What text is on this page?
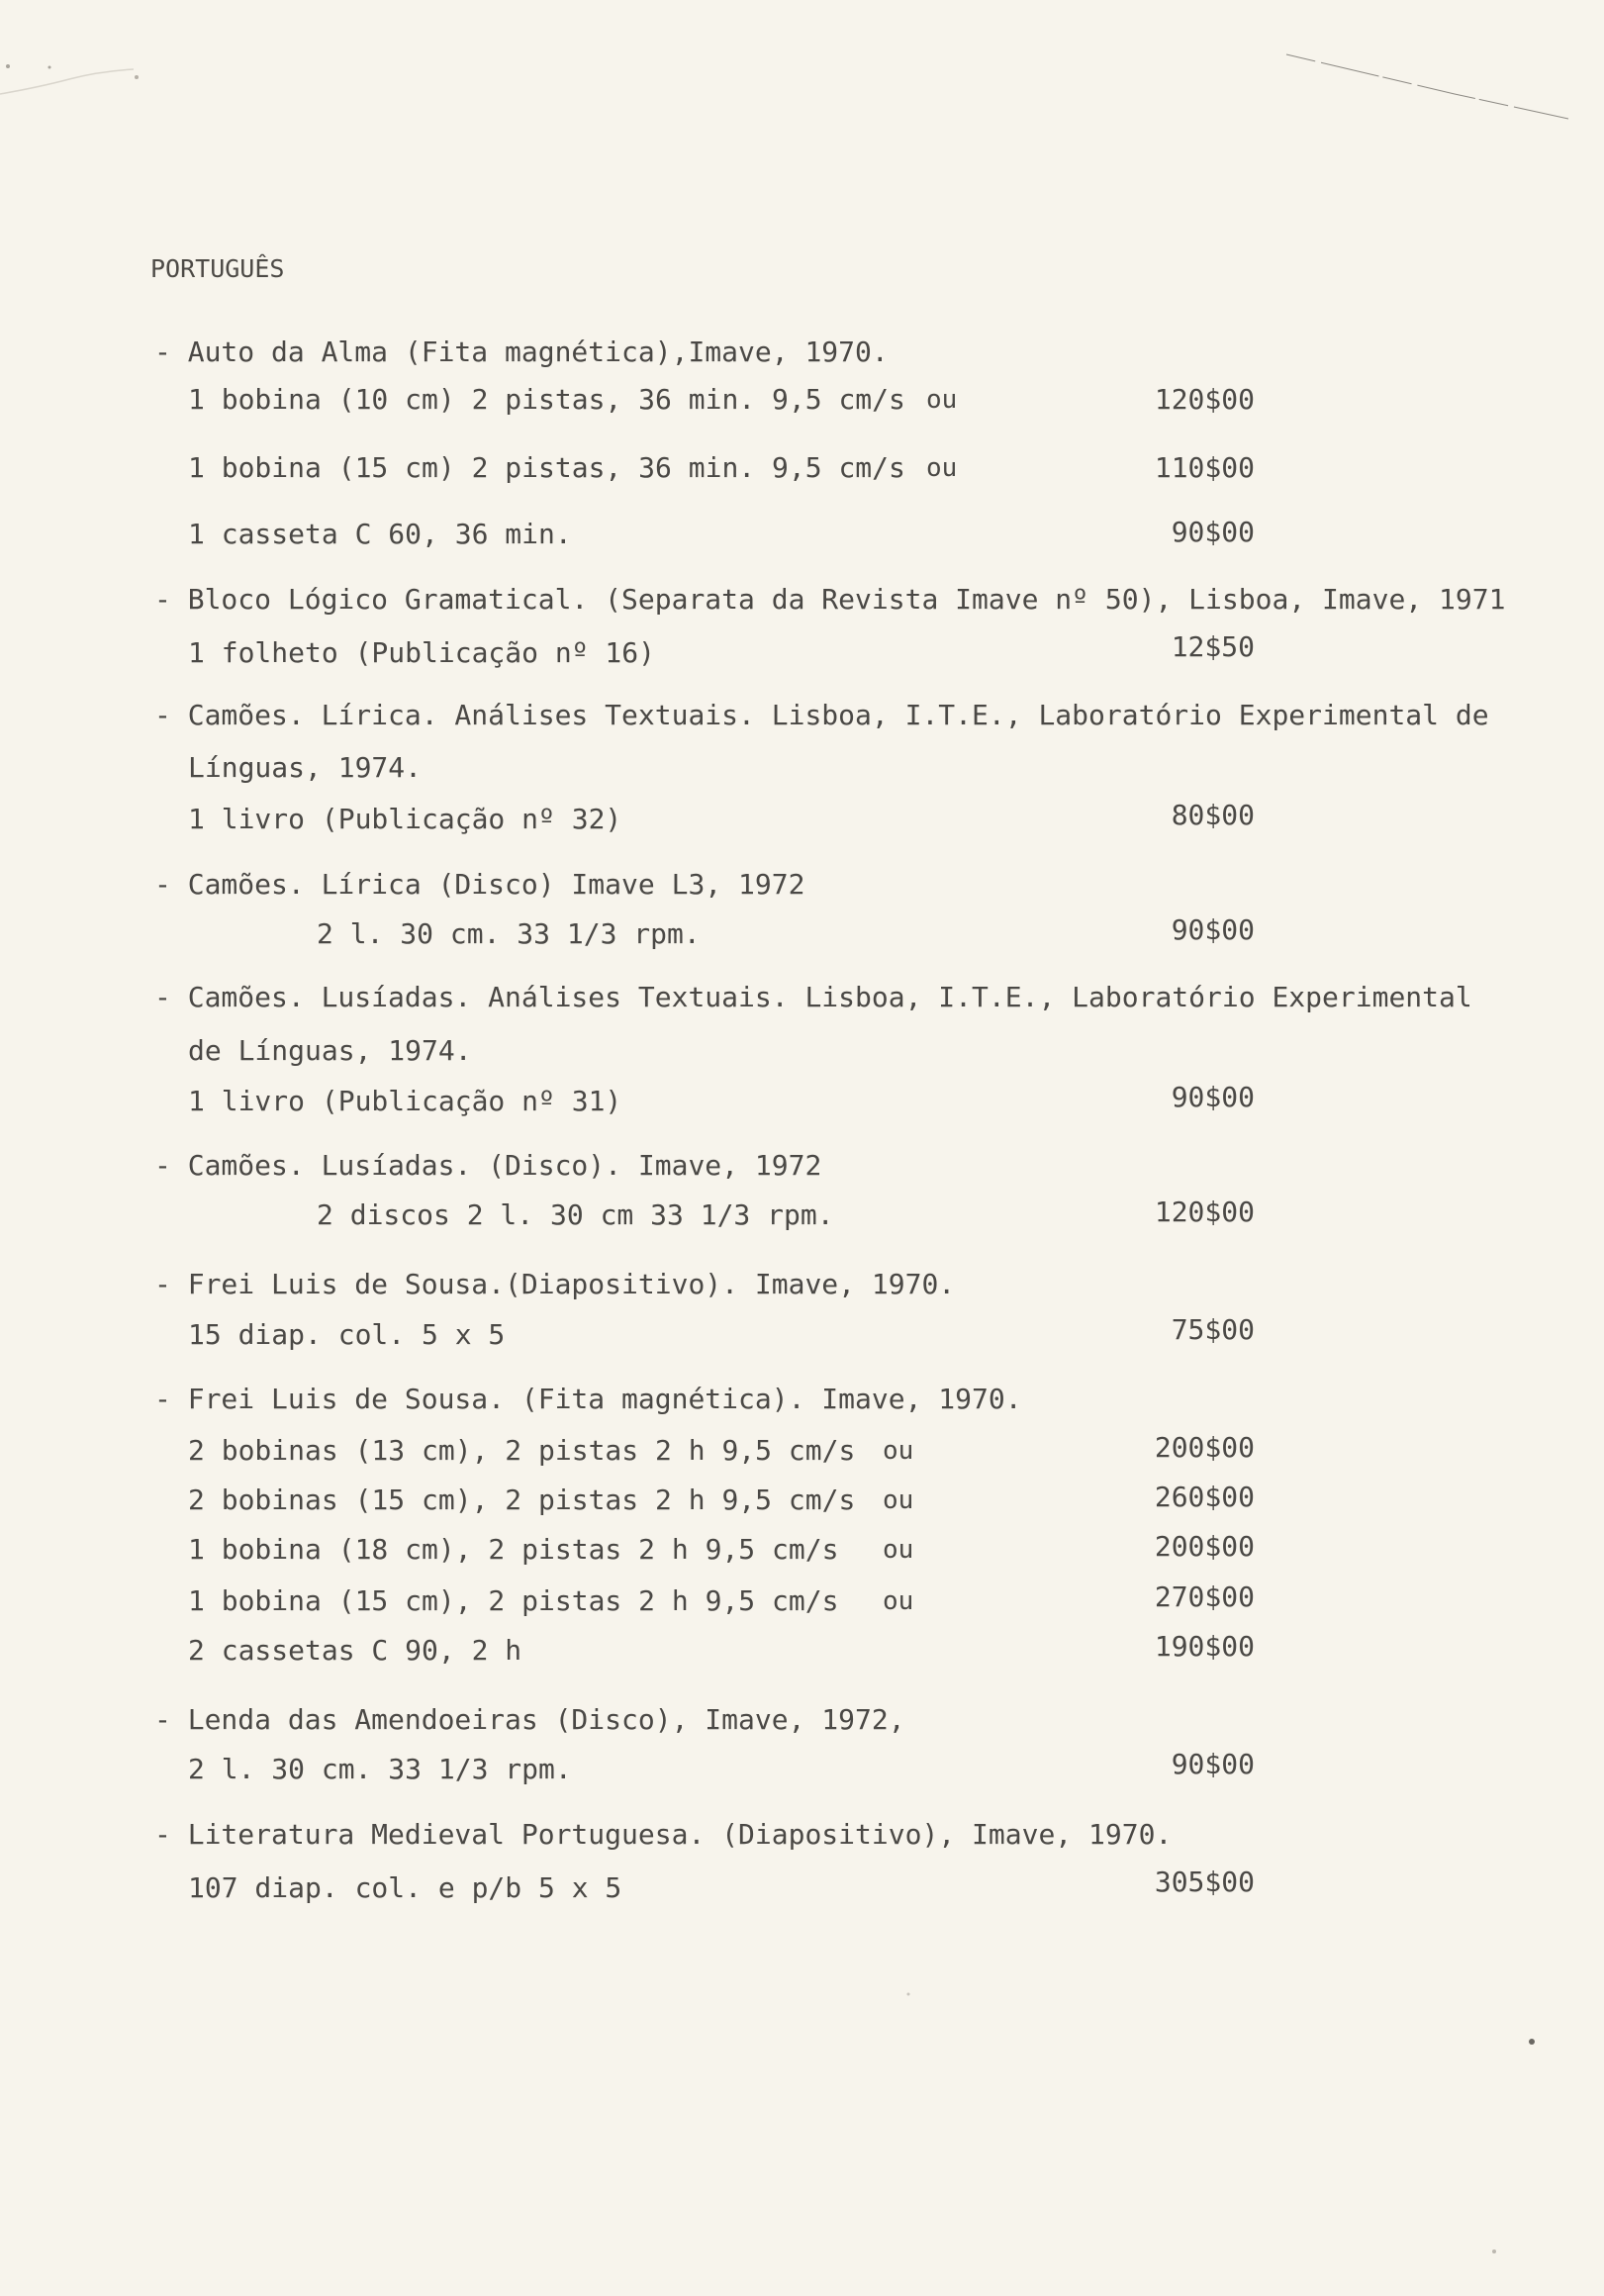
PORTUGUÊS
- Auto da Alma (Fita magnética),Imave, 1970.
1 bobina (10 cm) 2 pistas, 36 min. 9,5 cm/s ou	120$00
1 bobina (15 cm) 2 pistas, 36 min. 9,5 cm/s ou	110$00
1 casseta C 60, 36 min.	90$00
- Bloco Lógico Gramatical. (Separata da Revista Imave nº 50), Lisboa, Imave, 1971
1 folheto (Publicação nº 16)	12$50
- Camões. Lírica. Análises Textuais. Lisboa, I.T.E., Laboratório Experimental de
Línguas, 1974.
1 livro (Publicação nº 32)	80$00
- Camões. Lírica (Disco) Imave L3, 1972
2 l. 30 cm. 33 1/3 rpm.	90$00
- Camões. Lusíadas. Análises Textuais. Lisboa, I.T.E., Laboratório Experimental
de Línguas, 1974.
1 livro (Publicação nº 31)	90$00
- Camões. Lusíadas. (Disco). Imave, 1972
2 discos 2 l. 30 cm 33 1/3 rpm.	120$00
- Frei Luis de Sousa.(Diapositivo). Imave, 1970.
15 diap. col. 5 x 5	75$00
- Frei Luis de Sousa. (Fita magnética). Imave, 1970.
2 bobinas (13 cm), 2 pistas 2 h 9,5 cm/s ou	200$00
2 bobinas (15 cm), 2 pistas 2 h 9,5 cm/s ou	260$00
1 bobina (18 cm), 2 pistas 2 h 9,5 cm/s ou	200$00
1 bobina (15 cm), 2 pistas 2 h 9,5 cm/s ou	270$00
2 cassetas C 90, 2 h	190$00
- Lenda das Amendoeiras (Disco), Imave, 1972,
2 l. 30 cm. 33 1/3 rpm.	90$00
- Literatura Medieval Portuguesa. (Diapositivo), Imave, 1970.
107 diap. col. e p/b 5 x 5	305$00
